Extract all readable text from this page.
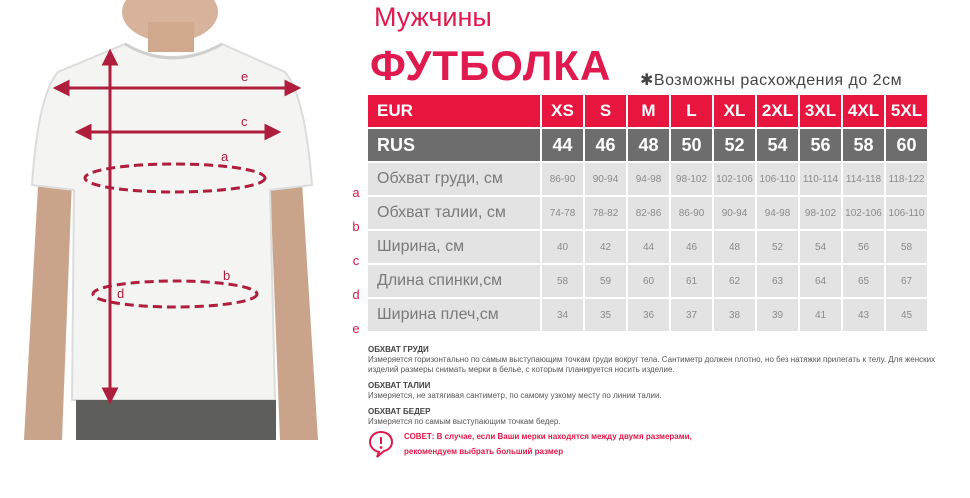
e
c
a
b
d
Мужчины
ФУТБОЛКА ✱Возможны расхождения до 2см
EUR	XS	S	M	L	XL	2XL	3XL	4XL	5XL
RUS	44	46	48	50	52	54	56	58	60
Обхват груди, см	86-90	90-94	94-98	98-102	102-106	106-110	110-114	114-118	118-122
Обхват талии, см	74-78	78-82	82-86	86-90	90-94	94-98	98-102	102-106	106-110
Ширина, см	40	42	44	46	48	52	54	56	58
Длина спинки,см	58	59	60	61	62	63	64	65	67
Ширина плеч,см	34	35	36	37	38	39	41	43	45
a
b
c
d
e
ОБХВАТ ГРУДИ
Измеряется горизонтально по самым выступающим точкам груди вокруг тела. Сантиметр должен плотно, но без натяжки прилегать к телу. Для женских изделий размеры снимать мерки в белье, с которым планируется носить изделие.
ОБХВАТ ТАЛИИ
Измеряется, не затягивая сантиметр, по самому узкому месту по линии талии.
ОБХВАТ БЕДЕР
Измеряется по самым выступающим точкам бедер.
СОВЕТ: В случае, если Ваши мерки находятся между двумя размерами,
рекомендуем выбрать больший размер
